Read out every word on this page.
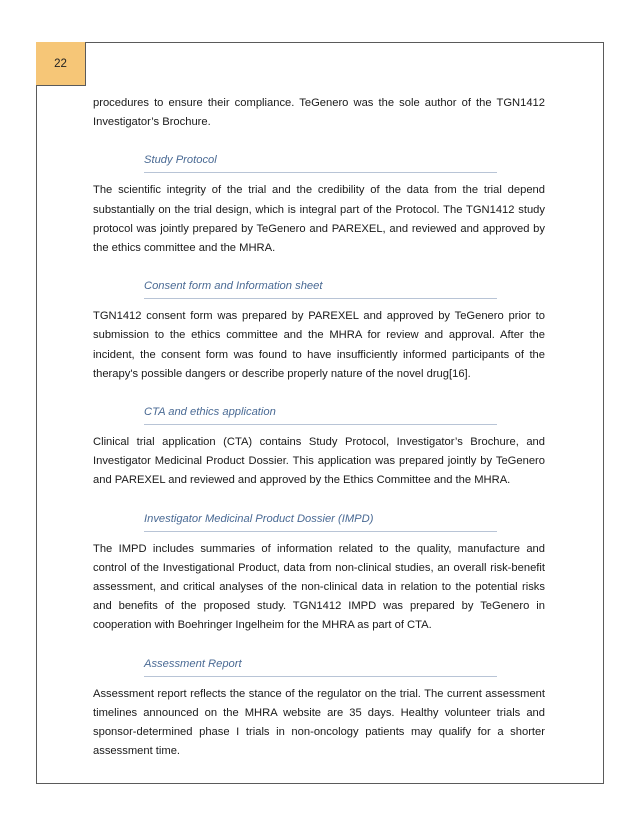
22

procedures to ensure their compliance. TeGenero was the sole author of the TGN1412 Investigator’s Brochure.

Study Protocol

The scientific integrity of the trial and the credibility of the data from the trial depend substantially on the trial design, which is integral part of the Protocol. The TGN1412 study protocol was jointly prepared by TeGenero and PAREXEL, and reviewed and approved by the ethics committee and the MHRA.

Consent form and Information sheet

TGN1412 consent form was prepared by PAREXEL and approved by TeGenero prior to submission to the ethics committee and the MHRA for review and approval. After the incident, the consent form was found to have insufficiently informed participants of the therapy's possible dangers or describe properly nature of the novel drug[16].

CTA and ethics application

Clinical trial application (CTA) contains Study Protocol, Investigator’s Brochure, and Investigator Medicinal Product Dossier. This application was prepared jointly by TeGenero and PAREXEL and reviewed and approved by the Ethics Committee and the MHRA.

Investigator Medicinal Product Dossier (IMPD)

The IMPD includes summaries of information related to the quality, manufacture and control of the Investigational Product, data from non-clinical studies, an overall risk-benefit assessment, and critical analyses of the non-clinical data in relation to the potential risks and benefits of the proposed study. TGN1412 IMPD was prepared by TeGenero in cooperation with Boehringer Ingelheim for the MHRA as part of CTA.

Assessment Report

Assessment report reflects the stance of the regulator on the trial. The current assessment timelines announced on the MHRA website are 35 days. Healthy volunteer trials and sponsor-determined phase I trials in non-oncology patients may qualify for a shorter assessment time.
